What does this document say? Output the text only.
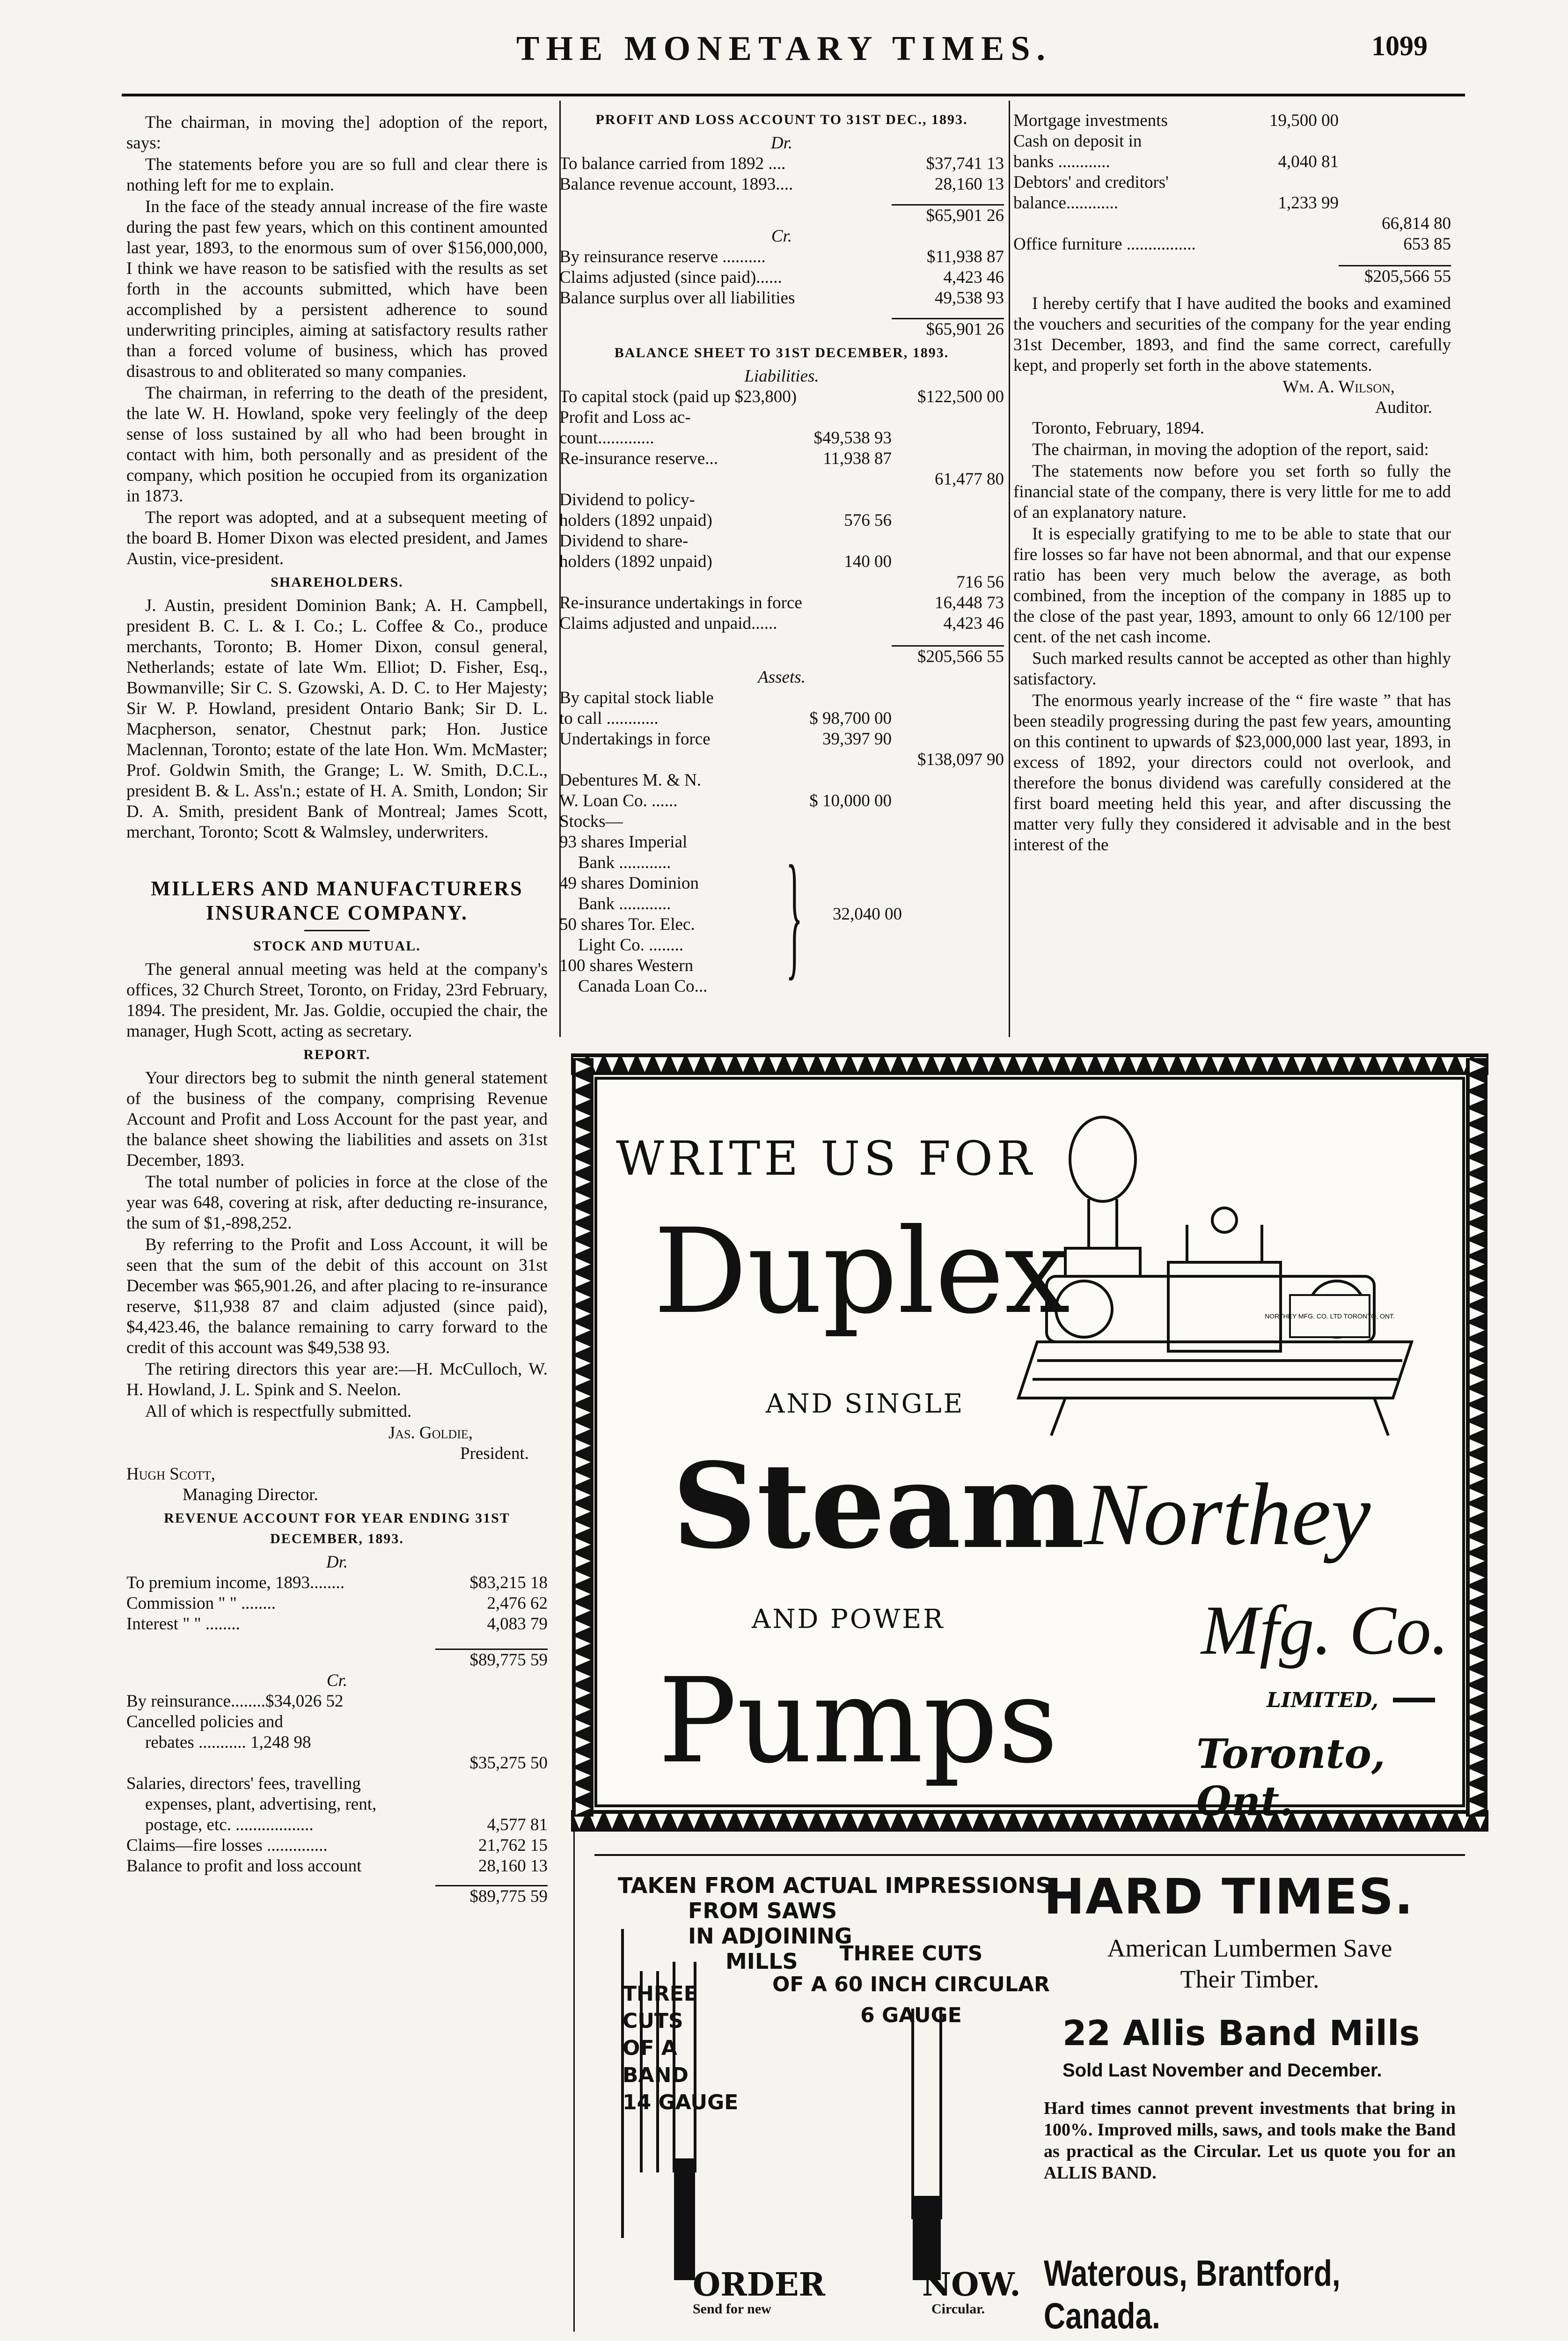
THE MONETARY TIMES.	1099

The chairman, in moving the] adoption of the report, says:

The statements before you are so full and clear there is nothing left for me to explain.

In the face of the steady annual increase of the fire waste during the past few years, which on this continent amounted last year, 1893, to the enormous sum of over $156,000,000, I think we have reason to be satisfied with the results as set forth in the accounts submitted, which have been accomplished by a persistent adherence to sound underwriting principles, aiming at satisfactory results rather than a forced volume of business, which has proved disastrous to and obliterated so many companies.

The chairman, in referring to the death of the president, the late W. H. Howland, spoke very feelingly of the deep sense of loss sustained by all who had been brought in contact with him, both personally and as president of the company, which position he occupied from its organization in 1873.

The report was adopted, and at a subsequent meeting of the board B. Homer Dixon was elected president, and James Austin, vice-president.

SHAREHOLDERS.

J. Austin, president Dominion Bank; A. H. Campbell, president B. C. L. & I. Co.; L. Coffee & Co., produce merchants, Toronto; B. Homer Dixon, consul general, Netherlands; estate of late Wm. Elliot; D. Fisher, Esq., Bowmanville; Sir C. S. Gzowski, A. D. C. to Her Majesty; Sir W. P. Howland, president Ontario Bank; Sir D. L. Macpherson, senator, Chestnut park; Hon. Justice Maclennan, Toronto; estate of the late Hon. Wm. McMaster; Prof. Goldwin Smith, the Grange; L. W. Smith, D.C.L., president B. & L. Ass'n.; estate of H. A. Smith, London; Sir D. A. Smith, president Bank of Montreal; James Scott, merchant, Toronto; Scott & Walmsley, underwriters.

MILLERS AND MANUFACTURERS INSURANCE COMPANY.
STOCK AND MUTUAL.

The general annual meeting was held at the company's offices, 32 Church Street, Toronto, on Friday, 23rd February, 1894. The president, Mr. Jas. Goldie, occupied the chair, the manager, Hugh Scott, acting as secretary.

REPORT.

Your directors beg to submit the ninth general statement of the business of the company, comprising Revenue Account and Profit and Loss Account for the past year, and the balance sheet showing the liabilities and assets on 31st December, 1893.

The total number of policies in force at the close of the year was 648, covering at risk, after deducting re-insurance, the sum of $1,-898,252.

By referring to the Profit and Loss Account, it will be seen that the sum of the debit of this account on 31st December was $65,901.26, and after placing to re-insurance reserve, $11,938 87 and claim adjusted (since paid), $4,423.46, the balance remaining to carry forward to the credit of this account was $49,538 93.

The retiring directors this year are:—H. McCulloch, W. H. Howland, J. L. Spink and S. Neelon.

All of which is respectfully submitted.

Jas. Goldie,
President.
Hugh Scott,
Managing Director.
REVENUE ACCOUNT FOR YEAR ENDING 31ST DECEMBER, 1893.
Dr.
To premium income, 1893........	$83,215 18
Commission " " ........	2,476 62
Interest " " ........	4,083 79
$89,775 59
Cr.
By reinsurance........$34,026 52
Cancelled policies and
rebates ........... 1,248 98
$35,275 50
Salaries, directors' fees, travelling
expenses, plant, advertising, rent,
postage, etc. ..................	4,577 81
Claims—fire losses ..............	21,762 15
Balance to profit and loss account	28,160 13
$89,775 59
PROFIT AND LOSS ACCOUNT TO 31ST DEC., 1893.
Dr.
To balance carried from 1892 ....	$37,741 13
Balance revenue account, 1893....	28,160 13
$65,901 26
Cr.
By reinsurance reserve ..........	$11,938 87
Claims adjusted (since paid)......	4,423 46
Balance surplus over all liabilities	49,538 93
$65,901 26
BALANCE SHEET TO 31ST DECEMBER, 1893.
Liabilities.
To capital stock (paid up $23,800)	$122,500 00
Profit and Loss ac-
count.............	$49,538 93
Re-insurance reserve...	11,938 87
61,477 80
Dividend to policy-
holders (1892 unpaid)	576 56
Dividend to share-
holders (1892 unpaid)	140 00
716 56
Re-insurance undertakings in force	16,448 73
Claims adjusted and unpaid......	4,423 46
$205,566 55
Assets.
By capital stock liable
to call ............	$ 98,700 00
Undertakings in force	39,397 90
$138,097 90
Debentures M. & N.
W. Loan Co. ......	$ 10,000 00
Stocks—
93 shares Imperial
Bank ............
49 shares Dominion
Bank ............
50 shares Tor. Elec.
Light Co. ........
100 shares Western
Canada Loan Co... } 32,040 00
Mortgage investments	19,500 00
Cash on deposit in
banks ............	4,040 81
Debtors' and creditors'
balance............	1,233 99
66,814 80
Office furniture ................	653 85
$205,566 55

I hereby certify that I have audited the books and examined the vouchers and securities of the company for the year ending 31st December, 1893, and find the same correct, carefully kept, and properly set forth in the above statements.

Wm. A. Wilson,
Auditor.

Toronto, February, 1894.

The chairman, in moving the adoption of the report, said:

The statements now before you set forth so fully the financial state of the company, there is very little for me to add of an explanatory nature.

It is especially gratifying to me to be able to state that our fire losses so far have not been abnormal, and that our expense ratio has been very much below the average, as both combined, from the inception of the company in 1885 up to the close of the past year, 1893, amount to only 66 12/100 per cent. of the net cash income.

Such marked results cannot be accepted as other than highly satisfactory.

The enormous yearly increase of the “ fire waste ” that has been steadily progressing during the past few years, amounting on this continent to upwards of $23,000,000 last year, 1893, in excess of 1892, your directors could not overlook, and therefore the bonus dividend was carefully considered at the first board meeting held this year, and after discussing the matter very fully they considered it advisable and in the best interest of the

WRITE US FOR
Duplex
AND SINGLE
Steam
AND POWER
Pumps
NORTHEY MFG. CO. LTD TORONTO, ONT.
Northey
Mfg. Co.
LIMITED,
Toronto, Ont.
TAKEN FROM ACTUAL IMPRESSIONS
FROM SAWS
IN ADJOINING
MILLS
THREE
CUTS
OF A
BAND
14 GAUGE
THREE CUTS
OF A 60 INCH CIRCULAR
6 GAUGE
ORDER	NOW.
Send for new	Circular.
HARD TIMES.
American Lumbermen Save
Their Timber.
22 Allis Band Mills
Sold Last November and December.
Hard times cannot prevent investments that bring in 100%. Improved mills, saws, and tools make the Band as practical as the Circular. Let us quote you for an ALLIS BAND.
Waterous, Brantford, Canada.
